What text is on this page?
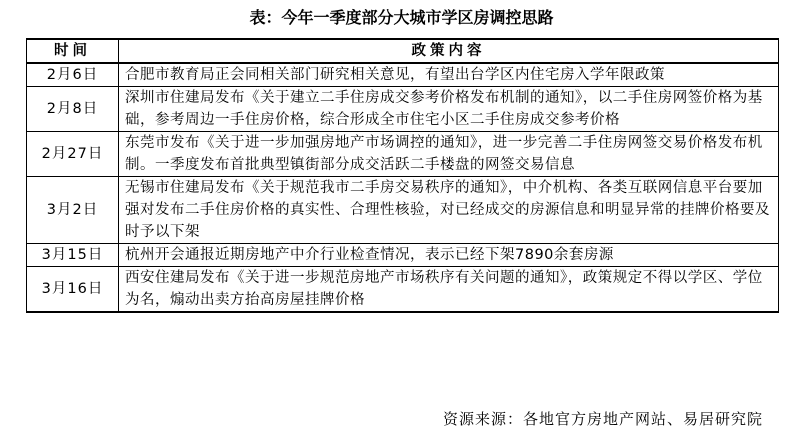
表：今年一季度部分大城市学区房调控思路
时间	政策内容
2月6日	合肥市教育局正会同相关部门研究相关意见，有望出台学区内住宅房入学年限政策
2月8日	深圳市住建局发布《关于建立二手住房成交参考价格发布机制的通知》，以二手住房网签价格为基础，参考周边一手住房价格，综合形成全市住宅小区二手住房成交参考价格
2月27日	东莞市发布《关于进一步加强房地产市场调控的通知》，进一步完善二手住房网签交易价格发布机制。一季度发布首批典型镇街部分成交活跃二手楼盘的网签交易信息
3月2日	无锡市住建局发布《关于规范我市二手房交易秩序的通知》，中介机构、各类互联网信息平台要加强对发布二手住房价格的真实性、合理性核验，对已经成交的房源信息和明显异常的挂牌价格要及时予以下架
3月15日	杭州开会通报近期房地产中介行业检查情况，表示已经下架7890余套房源
3月16日	西安住建局发布《关于进一步规范房地产市场秩序有关问题的通知》，政策规定不得以学区、学位为名，煽动出卖方抬高房屋挂牌价格
资源来源：各地官方房地产网站、易居研究院
